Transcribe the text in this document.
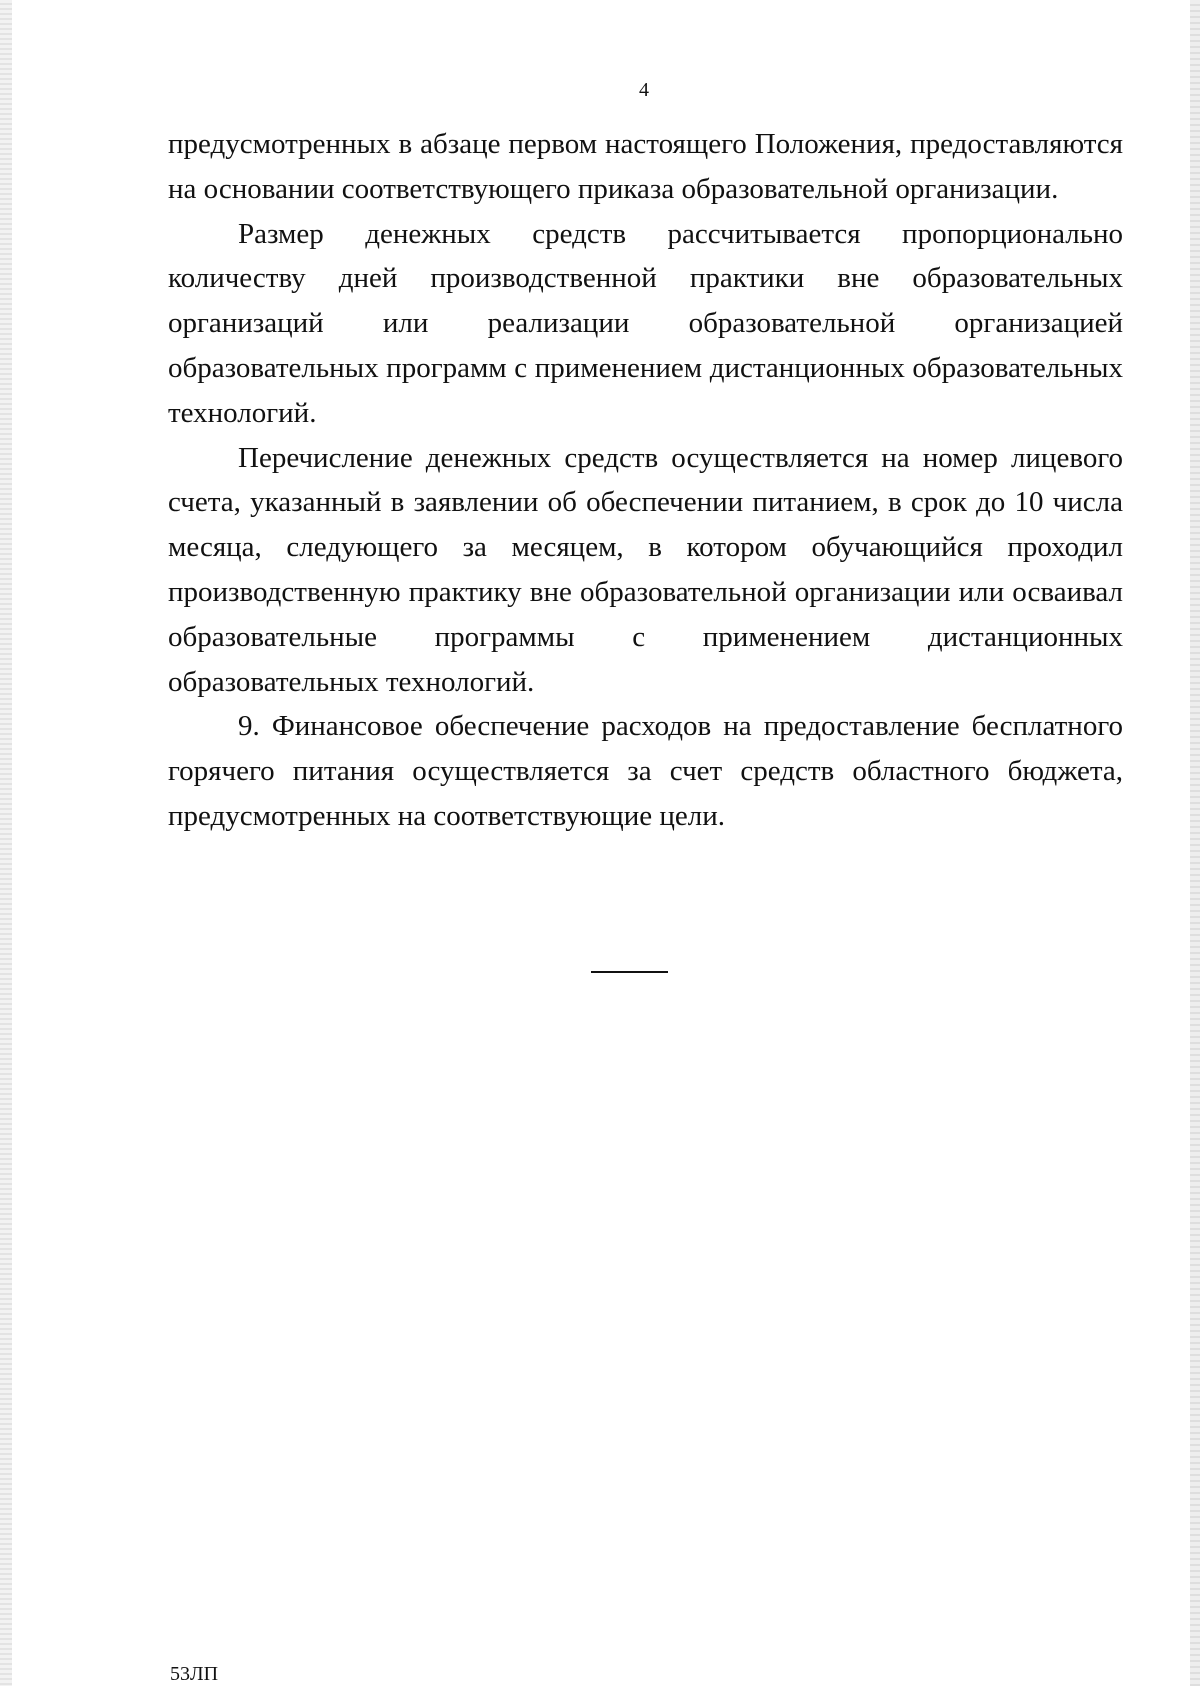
4

предусмотренных в абзаце первом настоящего Положения, предоставляются на основании соответствующего приказа образовательной организации.

Размер денежных средств рассчитывается пропорционально количеству дней производственной практики вне образовательных организаций или реализации образовательной организацией образовательных программ с применением дистанционных образовательных технологий.

Перечисление денежных средств осуществляется на номер лицевого счета, указанный в заявлении об обеспечении питанием, в срок до 10 числа месяца, следующего за месяцем, в котором обучающийся проходил производственную практику вне образовательной организации или осваивал образовательные программы с применением дистанционных образовательных технологий.

9. Финансовое обеспечение расходов на предоставление бесплатного горячего питания осуществляется за счет средств областного бюджета, предусмотренных на соответствующие цели.

53ЛП
